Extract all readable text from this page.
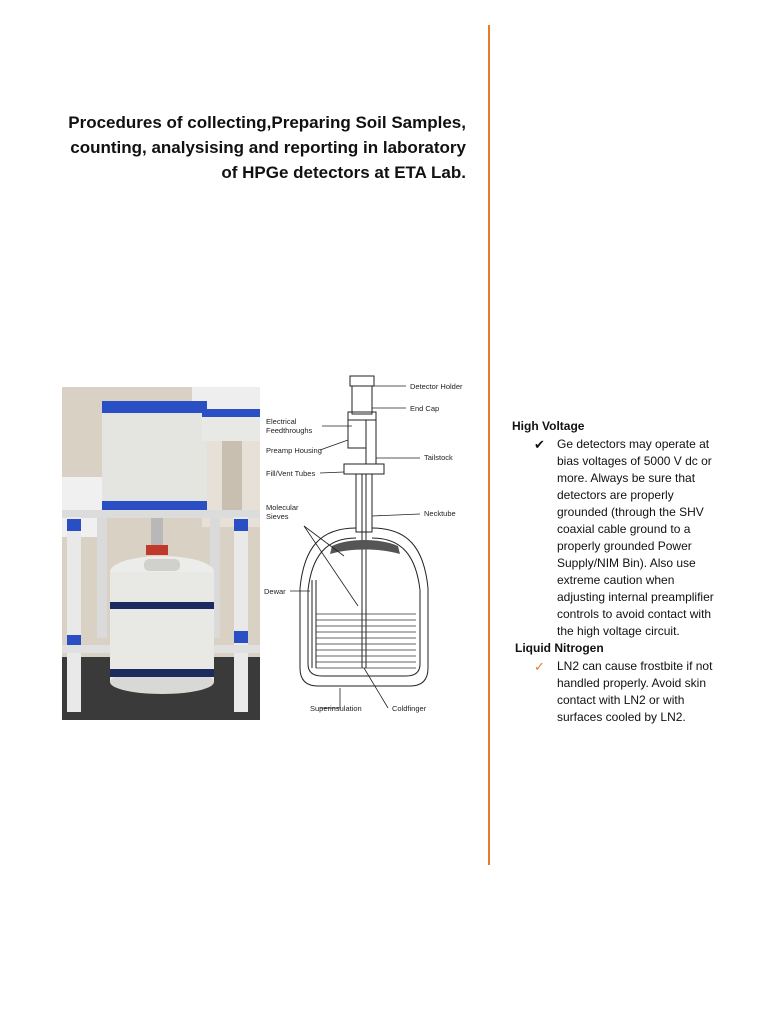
Procedures of collecting,Preparing Soil Samples,
counting, analysising and reporting in laboratory
of HPGe detectors at ETA Lab.
Detector Holder
End Cap
Electrical
Feedthroughs
Preamp Housing
Tailstock
Fill/Vent Tubes
Molecular
Sieves	Necktube
Dewar
Superinsulation	Coldfinger
High Voltage
✔ Ge detectors may operate at
bias voltages of 5000 V dc or
more. Always be sure that
detectors are properly
grounded (through the SHV
coaxial cable ground to a
properly grounded Power
Supply/NIM Bin). Also use
extreme caution when
adjusting internal preamplifier
controls to avoid contact with
the high voltage circuit.
Liquid Nitrogen
✓ LN2 can cause frostbite if not
handled properly. Avoid skin
contact with LN2 or with
surfaces cooled by LN2.
